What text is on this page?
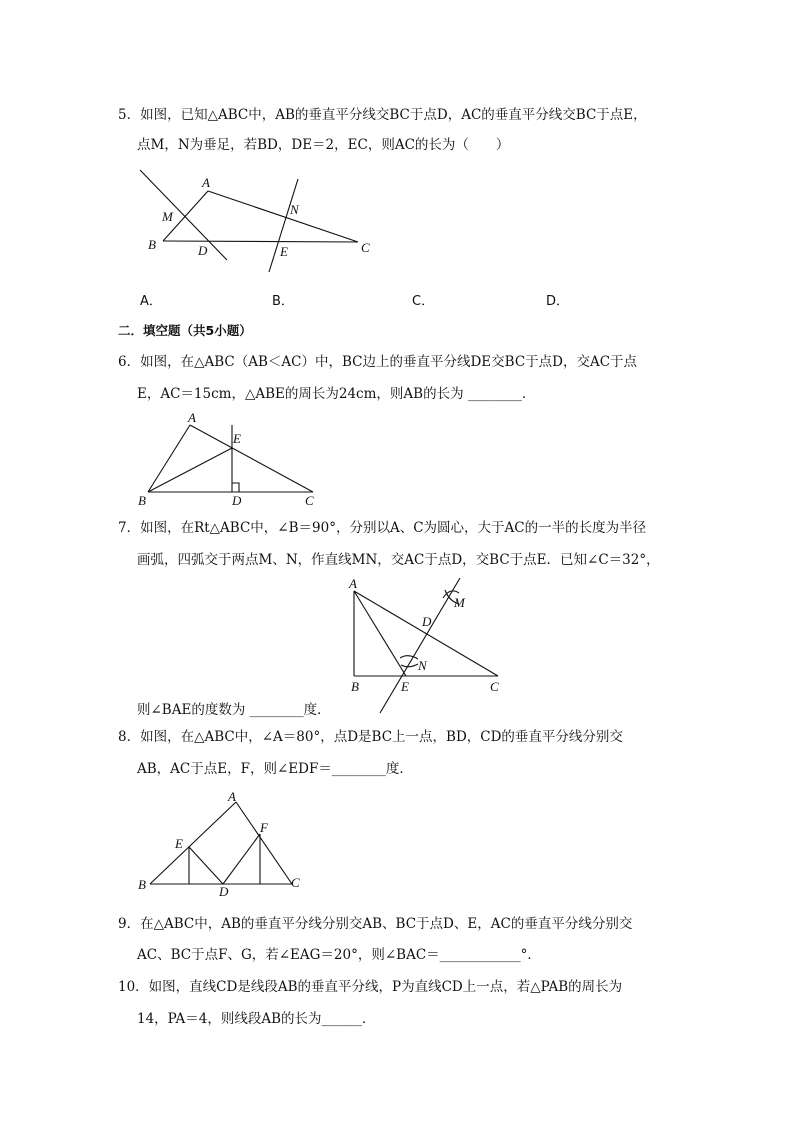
5．如图，已知△ABC中，AB的垂直平分线交BC于点D，AC的垂直平分线交BC于点E，
点M，N为垂足，若BD，DE＝2，EC，则AC的长为（　　）
A
M	N
B	D	E	C
A．	B．	C．	D．
二．填空题（共5小题）
6．如图，在△ABC（AB＜AC）中，BC边上的垂直平分线DE交BC于点D，交AC于点
E，AC＝15cm，△ABE的周长为24cm，则AB的长为 ________．
A
E
B	D	C
7．如图，在Rt△ABC中，∠B＝90°，分别以A、C为圆心，大于AC的一半的长度为半径
画弧，四弧交于两点M、N，作直线MN，交AC于点D，交BC于点E．已知∠C＝32°，
A
M
D
N
B	E	C
则∠BAE的度数为 ________度．
8．如图，在△ABC中，∠A＝80°，点D是BC上一点，BD，CD的垂直平分线分别交
AB，AC于点E，F，则∠EDF＝________度．
A
E
F
B	D
C
9．在△ABC中，AB的垂直平分线分别交AB、BC于点D、E，AC的垂直平分线分别交
AC、BC于点F、G，若∠EAG＝20°，则∠BAC＝____________°．
10．如图，直线CD是线段AB的垂直平分线，P为直线CD上一点，若△PAB的周长为
14，PA＝4，则线段AB的长为______．
